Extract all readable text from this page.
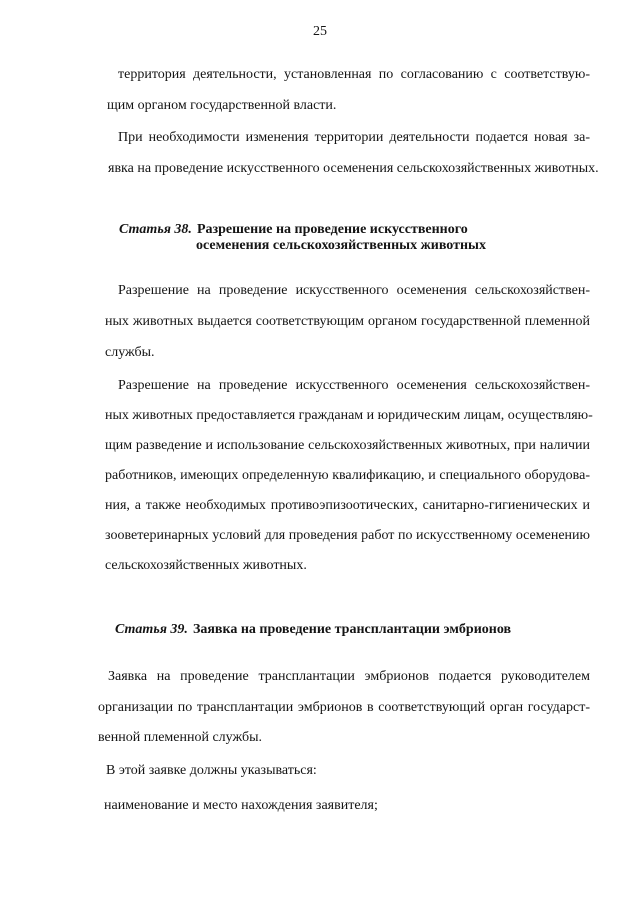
25
территория деятельности, установленная по согласованию с соответствую-
щим органом государственной власти.
При необходимости изменения территории деятельности подается новая за-
явка на проведение искусственного осеменения сельскохозяйственных животных.
Статья 38. Разрешение на проведение искусственного
осеменения сельскохозяйственных животных
Разрешение на проведение искусственного осеменения сельскохозяйствен-
ных животных выдается соответствующим органом государственной племенной
службы.
Разрешение на проведение искусственного осеменения сельскохозяйствен-
ных животных предоставляется гражданам и юридическим лицам, осуществляю-
щим разведение и использование сельскохозяйственных животных, при наличии
работников, имеющих определенную квалификацию, и специального оборудова-
ния, а также необходимых противоэпизоотических, санитарно-гигиенических и
зооветеринарных условий для проведения работ по искусственному осеменению
сельскохозяйственных животных.
Статья 39. Заявка на проведение трансплантации эмбрионов
Заявка на проведение трансплантации эмбрионов подается руководителем
организации по трансплантации эмбрионов в соответствующий орган государст-
венной племенной службы.
В этой заявке должны указываться:
наименование и место нахождения заявителя;
